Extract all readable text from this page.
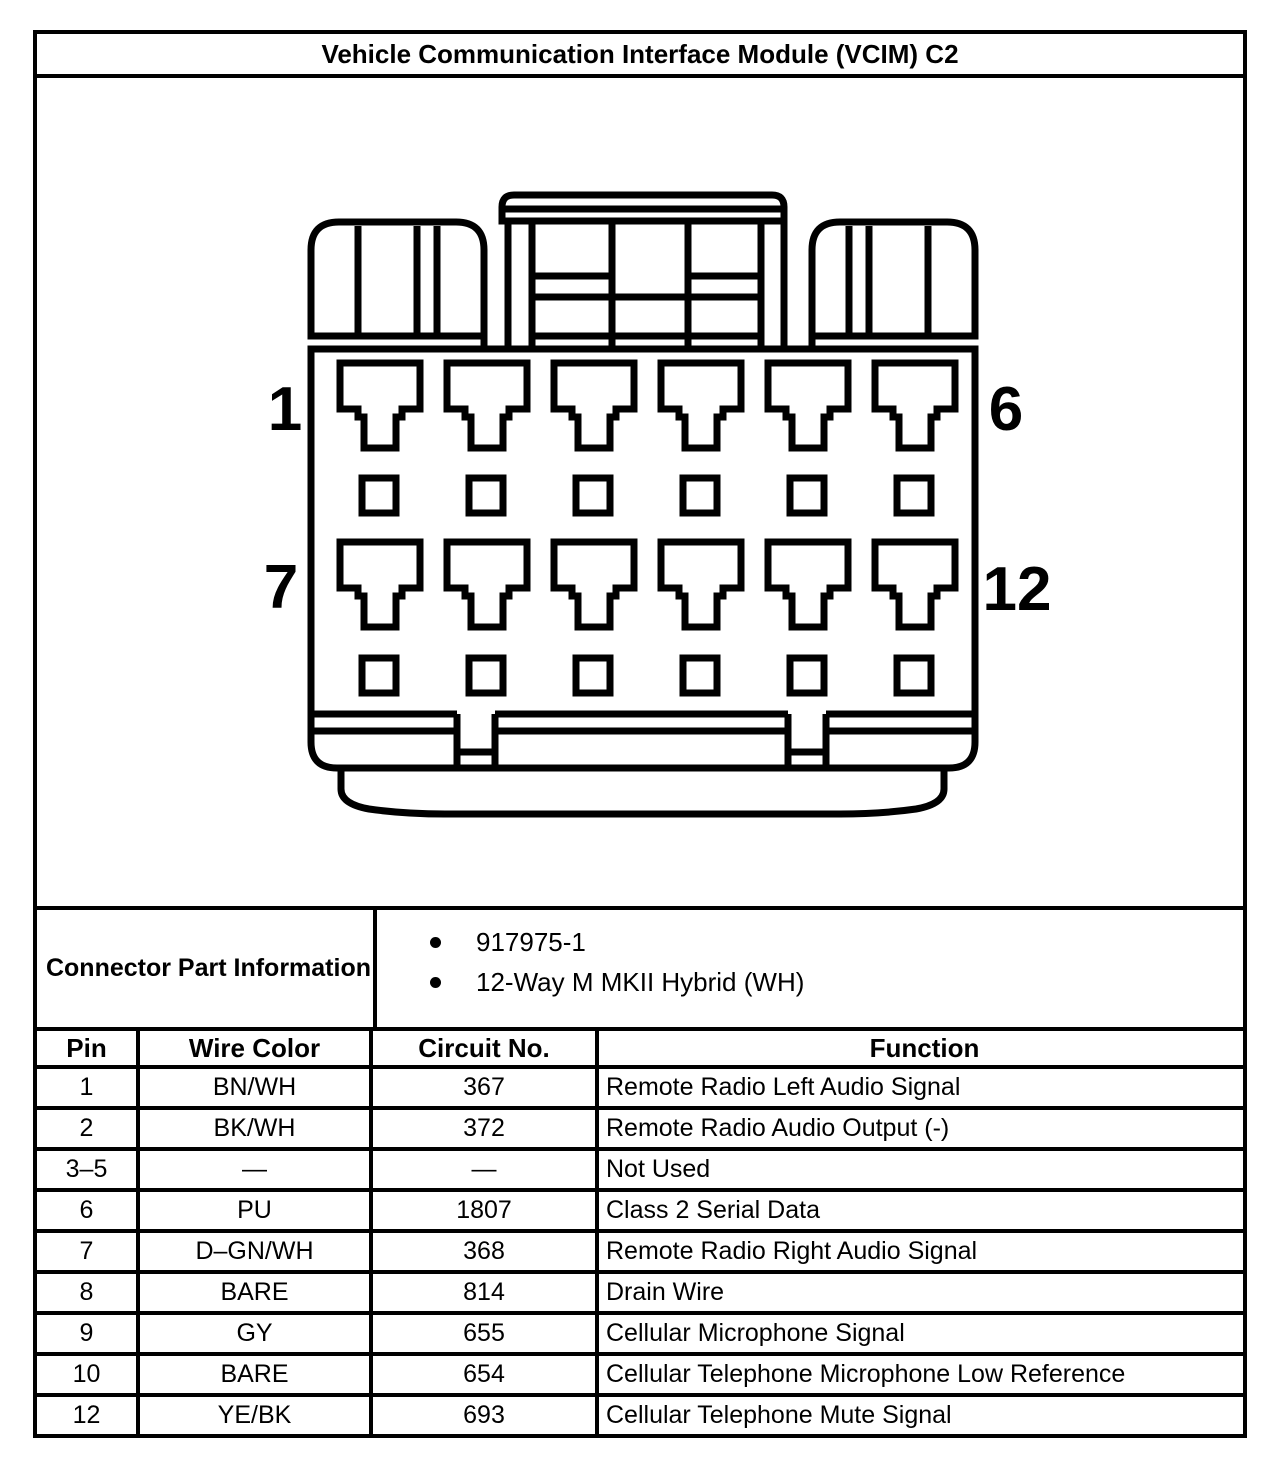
Vehicle Communication Interface Module (VCIM) C2
1	6
7	12
Connector Part Information
917975-1
12-Way M MKII Hybrid (WH)
Pin	Wire Color	Circuit No.	Function
1	BN/WH	367	Remote Radio Left Audio Signal
2	BK/WH	372	Remote Radio Audio Output (-)
3–5	—	—	Not Used
6	PU	1807	Class 2 Serial Data
7	D–GN/WH	368	Remote Radio Right Audio Signal
8	BARE	814	Drain Wire
9	GY	655	Cellular Microphone Signal
10	BARE	654	Cellular Telephone Microphone Low Reference
12	YE/BK	693	Cellular Telephone Mute Signal
